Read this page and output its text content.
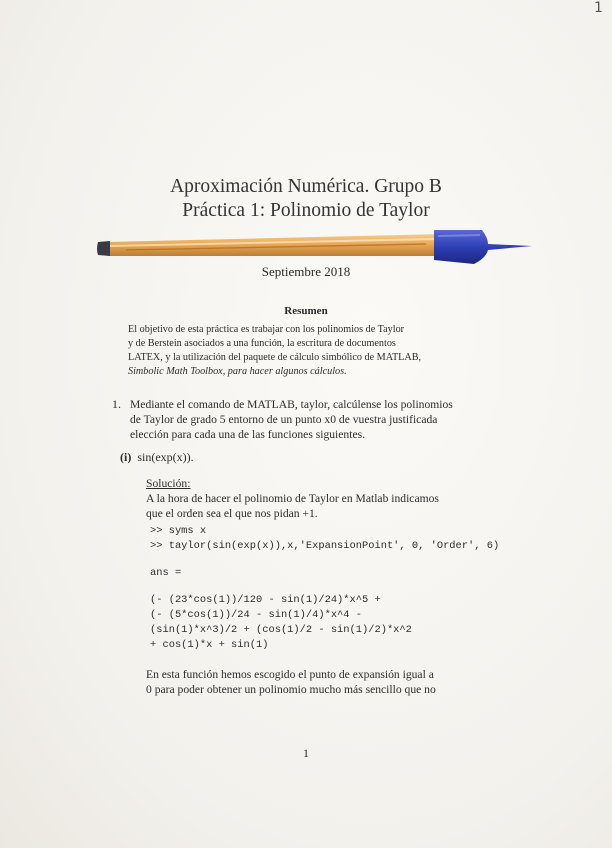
1
Aproximación Numérica. Grupo B
Práctica 1: Polinomio de Taylor
Septiembre 2018
Resumen
El objetivo de esta práctica es trabajar con los polinomios de Taylor
y de Berstein asociados a una función, la escritura de documentos
LATEX, y la utilización del paquete de cálculo simbólico de MATLAB,
Simbolic Math Toolbox, para hacer algunos cálculos.
1. Mediante el comando de MATLAB, taylor, calcúlense los polinomios
de Taylor de grado 5 entorno de un punto x0 de vuestra justificada
elección para cada una de las funciones siguientes.
(i) sin(exp(x)).
Solución:
A la hora de hacer el polinomio de Taylor en Matlab indicamos
que el orden sea el que nos pidan +1.
>> syms x
>> taylor(sin(exp(x)),x,'ExpansionPoint', 0, 'Order', 6)
ans =
(- (23*cos(1))/120 - sin(1)/24)*x^5 +
(- (5*cos(1))/24 - sin(1)/4)*x^4 -
(sin(1)*x^3)/2 + (cos(1)/2 - sin(1)/2)*x^2
+ cos(1)*x + sin(1)
En esta función hemos escogido el punto de expansión igual a
0 para poder obtener un polinomio mucho más sencillo que no
1
